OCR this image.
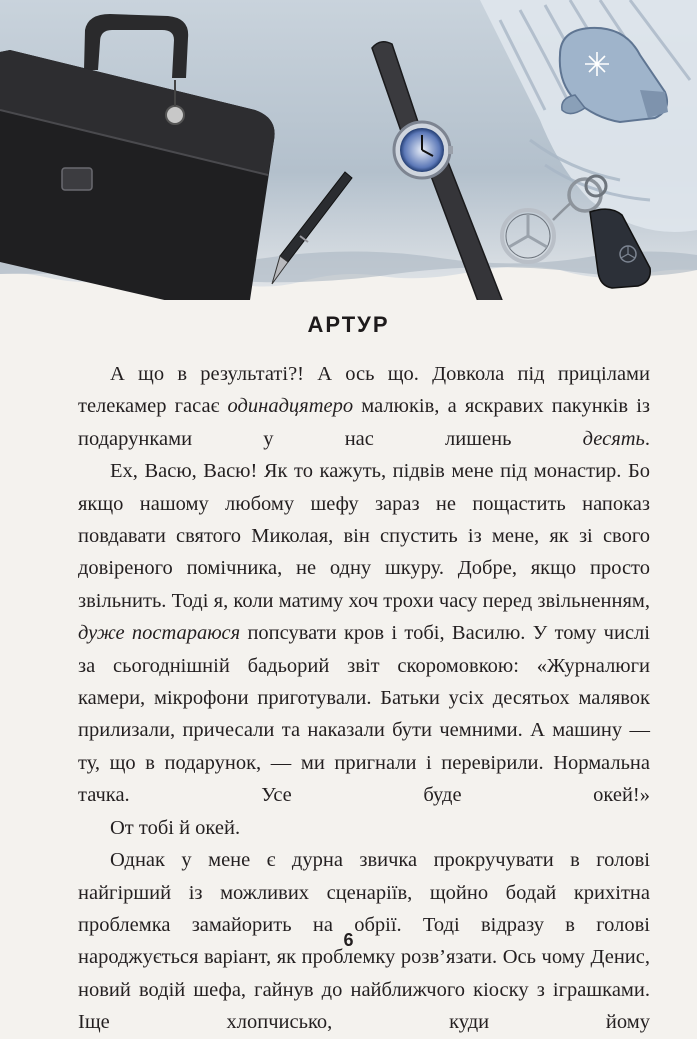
АРТУР

А що в результаті?! А ось що. Довкола під прицілами телекамер гасає одинадцятеро малюків, а яскравих пакунків із подарунками у нас лишень десять.

Ех, Васю, Васю! Як то кажуть, підвів мене під монастир. Бо якщо нашому любому шефу зараз не пощастить напоказ повдавати святого Миколая, він спустить із мене, як зі свого довіреного помічника, не одну шкуру. Добре, якщо просто звільнить. Тоді я, коли матиму хоч трохи часу перед звільненням, дуже постараюся попсувати кров і тобі, Василю. У тому числі за сьогоднішній бадьорий звіт скоромовкою: «Журналюги камери, мікрофони приготували. Батьки усіх десятьох малявок прилизали, причесали та наказали бути чемними. А машину — ту, що в подарунок, — ми пригнали і перевірили. Нормальна тачка. Усе буде окей!»

От тобі й окей.

Однак у мене є дурна звичка прокручувати в голові найгірший із можливих сценаріїв, щойно бодай крихітна проблемка замайорить на обрії. Тоді відразу в голові народжується варіант, як проблемку розв’язати. Ось чому Денис, новий водій шефа, гайнув до найближчого кіоску з іграшками. Іще хлопчисько, куди йому

6
